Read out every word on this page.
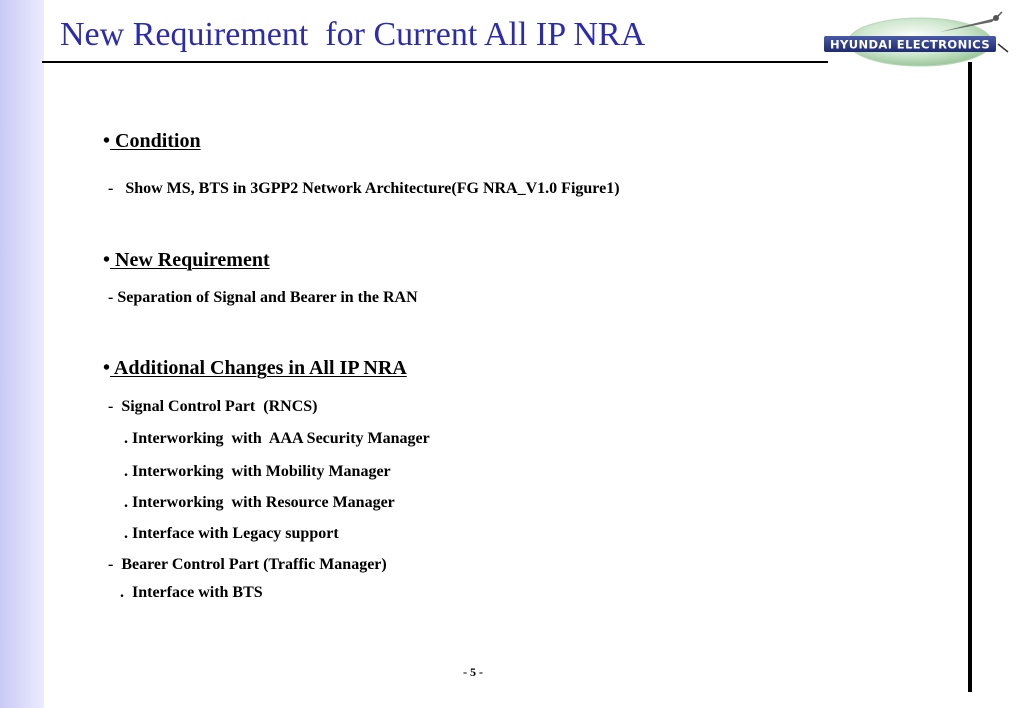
New Requirement  for Current All IP NRA	HYUNDAI ELECTRONICS

• Condition

-   Show MS, BTS in 3GPP2 Network Architecture(FG NRA_V1.0 Figure1)

• New Requirement

- Separation of Signal and Bearer in the RAN

• Additional Changes in All IP NRA

-  Signal Control Part  (RNCS)

. Interworking  with  AAA Security Manager

. Interworking  with Mobility Manager

. Interworking  with Resource Manager

. Interface with Legacy support

-  Bearer Control Part (Traffic Manager)

.  Interface with BTS

- 5 -
